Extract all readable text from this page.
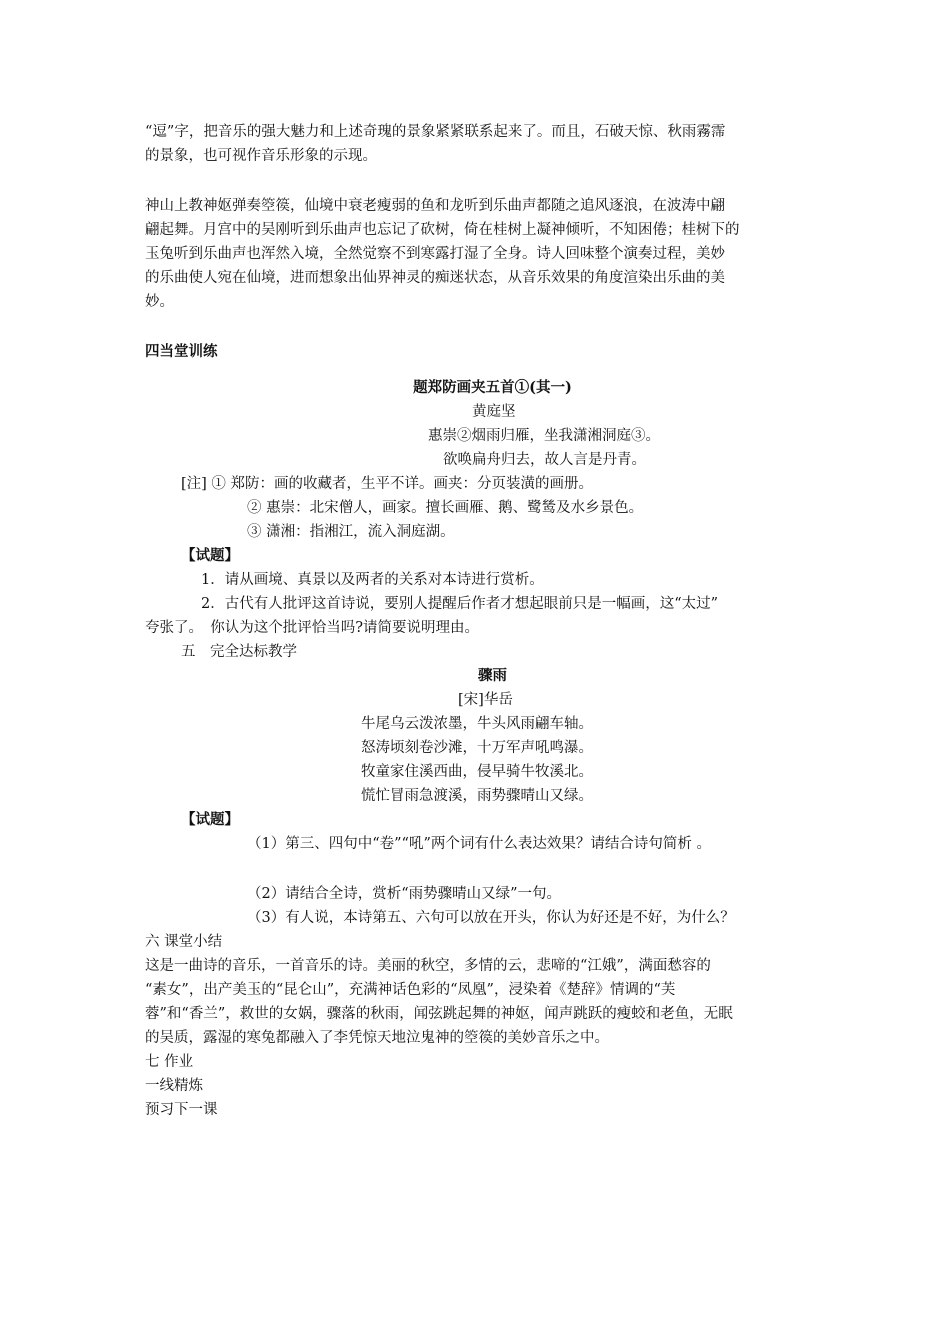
“逗”字，把音乐的强大魅力和上述奇瑰的景象紧紧联系起来了。而且，石破天惊、秋雨霧霈
的景象，也可视作音乐形象的示现。
神山上教神妪弹奏箜篌，仙境中衰老瘦弱的鱼和龙听到乐曲声都随之追风逐浪，在波涛中翩
翩起舞。月宫中的吴刚听到乐曲声也忘记了砍树，倚在桂树上凝神倾听，不知困倦；桂树下的
玉兔听到乐曲声也浑然入境，全然觉察不到寒露打湿了全身。诗人回味整个演奏过程，美妙
的乐曲使人宛在仙境，进而想象出仙界神灵的痴迷状态，从音乐效果的角度渲染出乐曲的美
妙。
四当堂训练
题郑防画夹五首①(其一)
黄庭坚
惠崇②烟雨归雁，坐我潇湘洞庭③。
欲唤扁舟归去，故人言是丹青。
[注] ① 郑防：画的收藏者，生平不详。画夹：分页装潢的画册。
② 惠崇：北宋僧人，画家。擅长画雁、鹅、鹭鸶及水乡景色。
③ 潇湘：指湘江，流入洞庭湖。
【试题】
1．请从画境、真景以及两者的关系对本诗进行赏析。
2．古代有人批评这首诗说，要别人提醒后作者才想起眼前只是一幅画，这“太过”
夸张了。　你认为这个批评恰当吗?请简要说明理由。
五　完全达标教学
骤雨
[宋]华岳
牛尾乌云泼浓墨，牛头风雨翩车轴。
怒涛顷刻卷沙滩，十万军声吼鸣瀑。
牧童家住溪西曲，侵早骑牛牧溪北。
慌忙冒雨急渡溪，雨势骤晴山又绿。
【试题】
（1）第三、四句中“卷”“吼”两个词有什么表达效果？请结合诗句简析 。
（2）请结合全诗，赏析“雨势骤晴山又绿”一句。
（3）有人说，本诗第五、六句可以放在开头，你认为好还是不好，为什么？
六 课堂小结
这是一曲诗的音乐，一首音乐的诗。美丽的秋空，多情的云，悲啼的“江娥”，满面愁容的
“素女”，出产美玉的“昆仑山”，充满神话色彩的“凤凰”，浸染着《楚辞》情调的“芙
蓉”和“香兰”，救世的女娲，骤落的秋雨，闻弦跳起舞的神妪，闻声跳跃的瘦蛟和老鱼，无眠
的吴质，露湿的寒兔都融入了李凭惊天地泣鬼神的箜篌的美妙音乐之中。
七 作业
一线精炼
预习下一课
